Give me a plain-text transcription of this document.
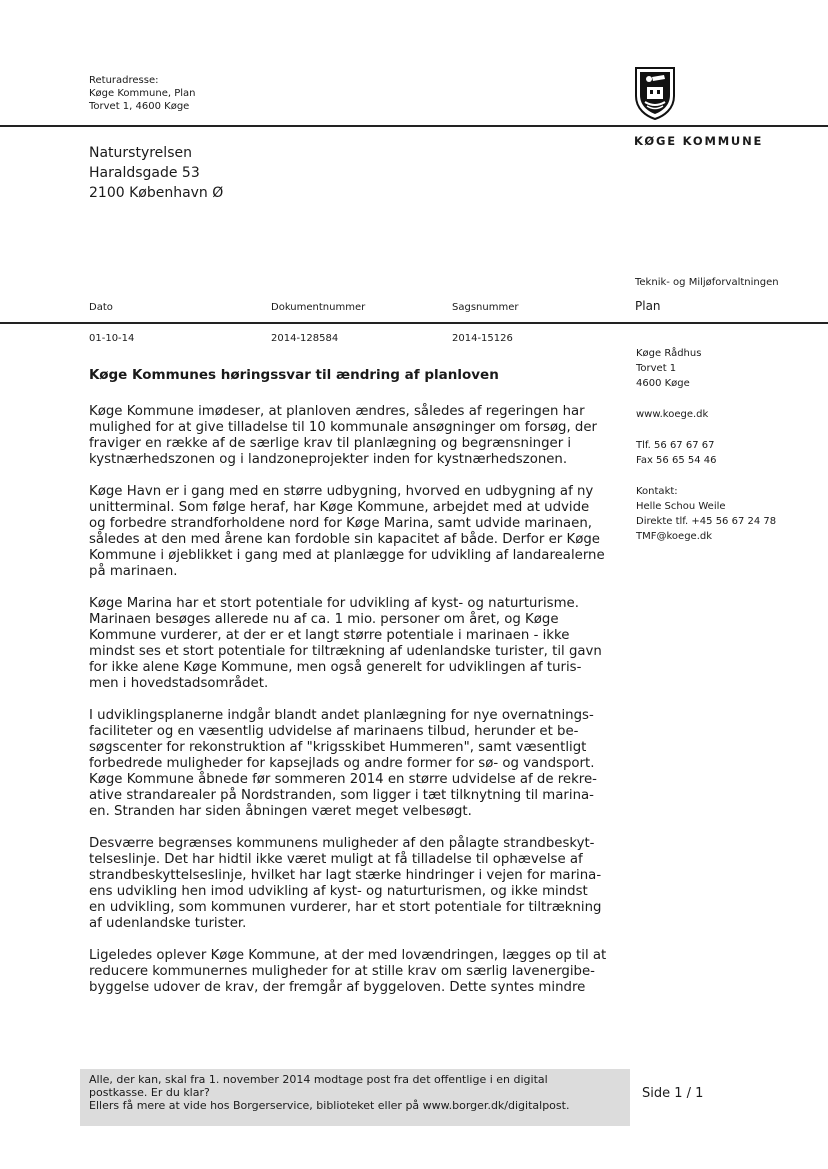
Returadresse:
Køge Kommune, Plan
Torvet 1, 4600 Køge
KØGE KOMMUNE
Naturstyrelsen
Haraldsgade 53
2100 København Ø
Teknik- og Miljøforvaltningen
Plan
Dato	Dokumentnummer	Sagsnummer
01-10-14	2014-128584	2014-15126
Køge Rådhus
Torvet 1
4600 Køge
www.koege.dk
Tlf. 56 67 67 67
Fax 56 65 54 46
Kontakt:
Helle Schou Weile
Direkte tlf. +45 56 67 24 78
TMF@koege.dk
Køge Kommunes høringssvar til ændring af planloven
Køge Kommune imødeser, at planloven ændres, således af regeringen har
mulighed for at give tilladelse til 10 kommunale ansøgninger om forsøg, der
fraviger en række af de særlige krav til planlægning og begrænsninger i
kystnærhedszonen og i landzoneprojekter inden for kystnærhedszonen.
Køge Havn er i gang med en større udbygning, hvorved en udbygning af ny
unitterminal. Som følge heraf, har Køge Kommune, arbejdet med at udvide
og forbedre strandforholdene nord for Køge Marina, samt udvide marinaen,
således at den med årene kan fordoble sin kapacitet af både. Derfor er Køge
Kommune i øjeblikket i gang med at planlægge for udvikling af landarealerne
på marinaen.
Køge Marina har et stort potentiale for udvikling af kyst- og naturturisme.
Marinaen besøges allerede nu af ca. 1 mio. personer om året, og Køge
Kommune vurderer, at der er et langt større potentiale i marinaen - ikke
mindst ses et stort potentiale for tiltrækning af udenlandske turister, til gavn
for ikke alene Køge Kommune, men også generelt for udviklingen af turis-
men i hovedstadsområdet.
I udviklingsplanerne indgår blandt andet planlægning for nye overnatnings-
faciliteter og en væsentlig udvidelse af marinaens tilbud, herunder et be-
søgscenter for rekonstruktion af "krigsskibet Hummeren", samt væsentligt
forbedrede muligheder for kapsejlads og andre former for sø- og vandsport.
Køge Kommune åbnede før sommeren 2014 en større udvidelse af de rekre-
ative strandarealer på Nordstranden, som ligger i tæt tilknytning til marina-
en. Stranden har siden åbningen været meget velbesøgt.
Desværre begrænses kommunens muligheder af den pålagte strandbeskyt-
telseslinje. Det har hidtil ikke været muligt at få tilladelse til ophævelse af
strandbeskyttelseslinje, hvilket har lagt stærke hindringer i vejen for marina-
ens udvikling hen imod udvikling af kyst- og naturturismen, og ikke mindst
en udvikling, som kommunen vurderer, har et stort potentiale for tiltrækning
af udenlandske turister.
Ligeledes oplever Køge Kommune, at der med lovændringen, lægges op til at
reducere kommunernes muligheder for at stille krav om særlig lavenergibe-
byggelse udover de krav, der fremgår af byggeloven. Dette syntes mindre
Alle, der kan, skal fra 1. november 2014 modtage post fra det offentlige i en digital
postkasse. Er du klar?
Ellers få mere at vide hos Borgerservice, biblioteket eller på www.borger.dk/digitalpost.
Side 1 / 1
